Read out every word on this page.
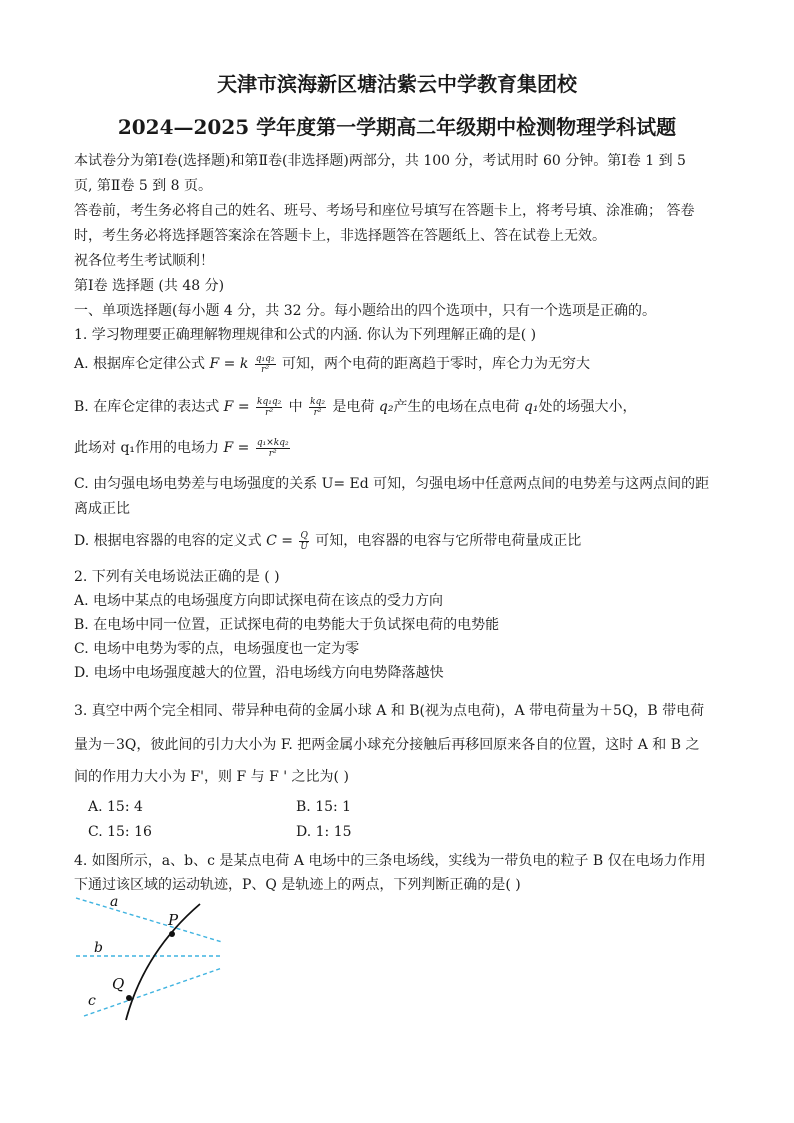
天津市滨海新区塘沽紫云中学教育集团校
2024—2025 学年度第一学期高二年级期中检测物理学科试题
本试卷分为第Ⅰ卷(选择题)和第Ⅱ卷(非选择题)两部分，共 100 分，考试用时 60 分钟。第Ⅰ卷 1 到 5
页, 第Ⅱ卷 5 到 8 页。
答卷前，考生务必将自己的姓名、班号、考场号和座位号填写在答题卡上，将考号填、涂准确； 答卷
时，考生务必将选择题答案涂在答题卡上，非选择题答在答题纸上、答在试卷上无效。
祝各位考生考试顺利！
第Ⅰ卷 选择题 (共 48 分)
一、单项选择题(每小题 4 分，共 32 分。每小题给出的四个选项中，只有一个选项是正确的。
1. 学习物理要正确理解物理规律和公式的内涵. 你认为下列理解正确的是( )
A. 根据库仑定律公式 F = k $\frac{\text{q₁q₂}}{\text{r²}}$ 可知，两个电荷的距离趋于零时，库仑力为无穷大
B. 在库仑定律的表达式 $F = \frac{\text{kq₁q₂}}{\text{r²}}$ 中 $\frac{\text{kq₂}}{\text{r²}}$ 是电荷 q₂产生的电场在点电荷 q₁处的场强大小，
此场对 q₁作用的电场力 $F = \frac{\text{q₁×kq₂}}{\text{r²}}$
C. 由匀强电场电势差与电场强度的关系 U= Ed 可知，匀强电场中任意两点间的电势差与这两点间的距
离成正比
D. 根据电容器的电容的定义式 $C = \frac{Q}{U}$ 可知，电容器的电容与它所带电荷量成正比
2. 下列有关电场说法正确的是 ( )
A. 电场中某点的电场强度方向即试探电荷在该点的受力方向
B. 在电场中同一位置，正试探电荷的电势能大于负试探电荷的电势能
C. 电场中电势为零的点，电场强度也一定为零
D. 电场中电场强度越大的位置，沿电场线方向电势降落越快
3. 真空中两个完全相同、带异种电荷的金属小球 A 和 B(视为点电荷)，A 带电荷量为＋5Q，B 带电荷
量为－3Q，彼此间的引力大小为 F. 把两金属小球充分接触后再移回原来各自的位置，这时 A 和 B 之
间的作用力大小为 F'，则 F 与 F ' 之比为( )
A. 15: 4	B. 15: 1
C. 15: 16	D. 1: 15
4. 如图所示，a、b、c 是某点电荷 A 电场中的三条电场线，实线为一带负电的粒子 B 仅在电场力作用
下通过该区域的运动轨迹，P、Q 是轨迹上的两点，下列判断正确的是( )
a
b
c
P
Q
